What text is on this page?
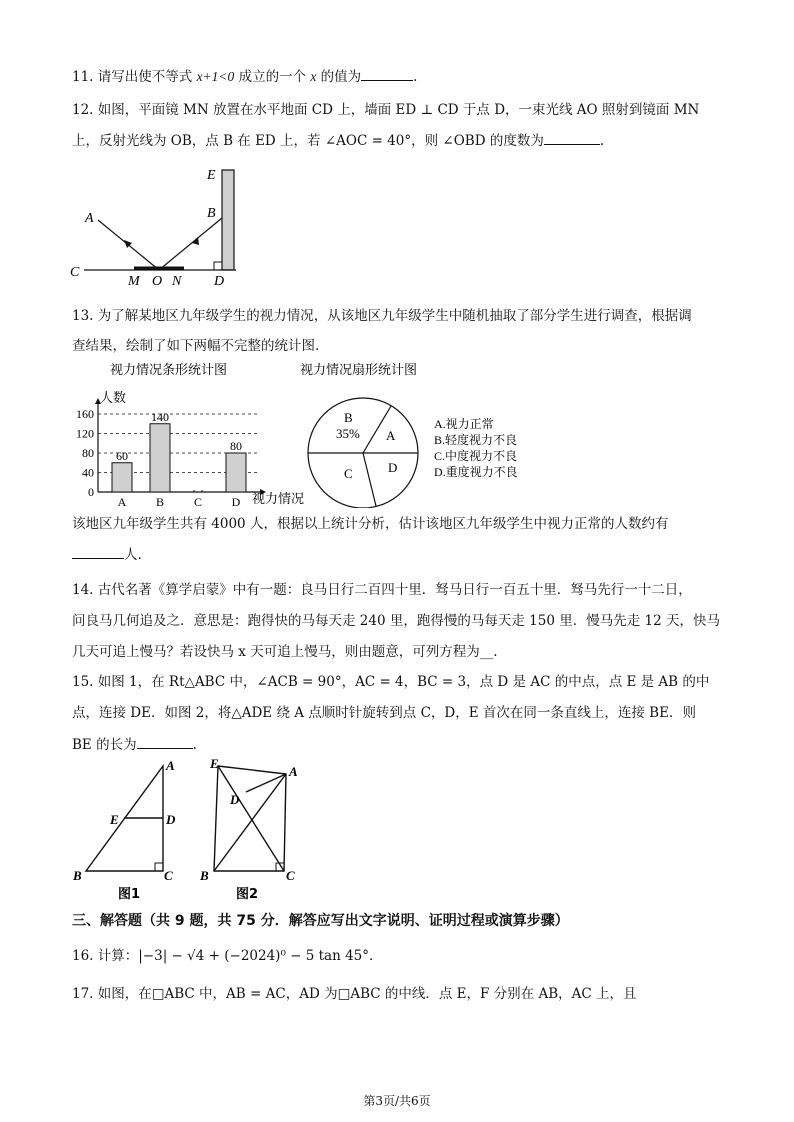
11. 请写出使不等式 x+1<0 成立的一个 x 的值为	.
12. 如图，平面镜 MN 放置在水平地面 CD 上，墙面 ED ⊥ CD 于点 D，一束光线 AO 照射到镜面 MN
上，反射光线为 OB，点 B 在 ED 上，若 ∠AOC = 40°，则 ∠OBD 的度数为	.
A	B
E
C
M O N D
13. 为了解某地区九年级学生的视力情况，从该地区九年级学生中随机抽取了部分学生进行调查，根据调
查结果，绘制了如下两幅不完整的统计图.
视力情况条形统计图
人数
0
40
80
120
160
60
A
140
B C
80
D 视力情况
视力情况扇形统计图
B
35% A
C	D
A.视力正常
B.轻度视力不良
C.中度视力不良
D.重度视力不良
该地区九年级学生共有 4000 人，根据以上统计分析，估计该地区九年级学生中视力正常的人数约有
人.
14. 古代名著《算学启蒙》中有一题：良马日行二百四十里．驽马日行一百五十里．驽马先行一十二日，
问良马几何追及之．意思是：跑得快的马每天走 240 里，跑得慢的马每天走 150 里．慢马先走 12 天，快马
几天可追上慢马？若设快马 x 天可追上慢马，则由题意，可列方程为__.
15. 如图 1，在 Rt△ABC 中，∠ACB = 90°，AC = 4，BC = 3，点 D 是 AC 的中点，点 E 是 AB 的中
点，连接 DE．如图 2，将△ADE 绕 A 点顺时针旋转到点 C，D，E 首次在同一条直线上，连接 BE．则
BE 的长为	.
A
D
E
B	C
图1
E
A
D
B	C
图2
三、解答题（共 9 题，共 75 分．解答应写出文字说明、证明过程或演算步骤）
16. 计算：|−3| − √4 + (−2024)⁰ − 5 tan 45°．
17. 如图，在□ABC 中，AB = AC，AD 为□ABC 的中线．点 E，F 分别在 AB，AC 上，且
第3页/共6页
